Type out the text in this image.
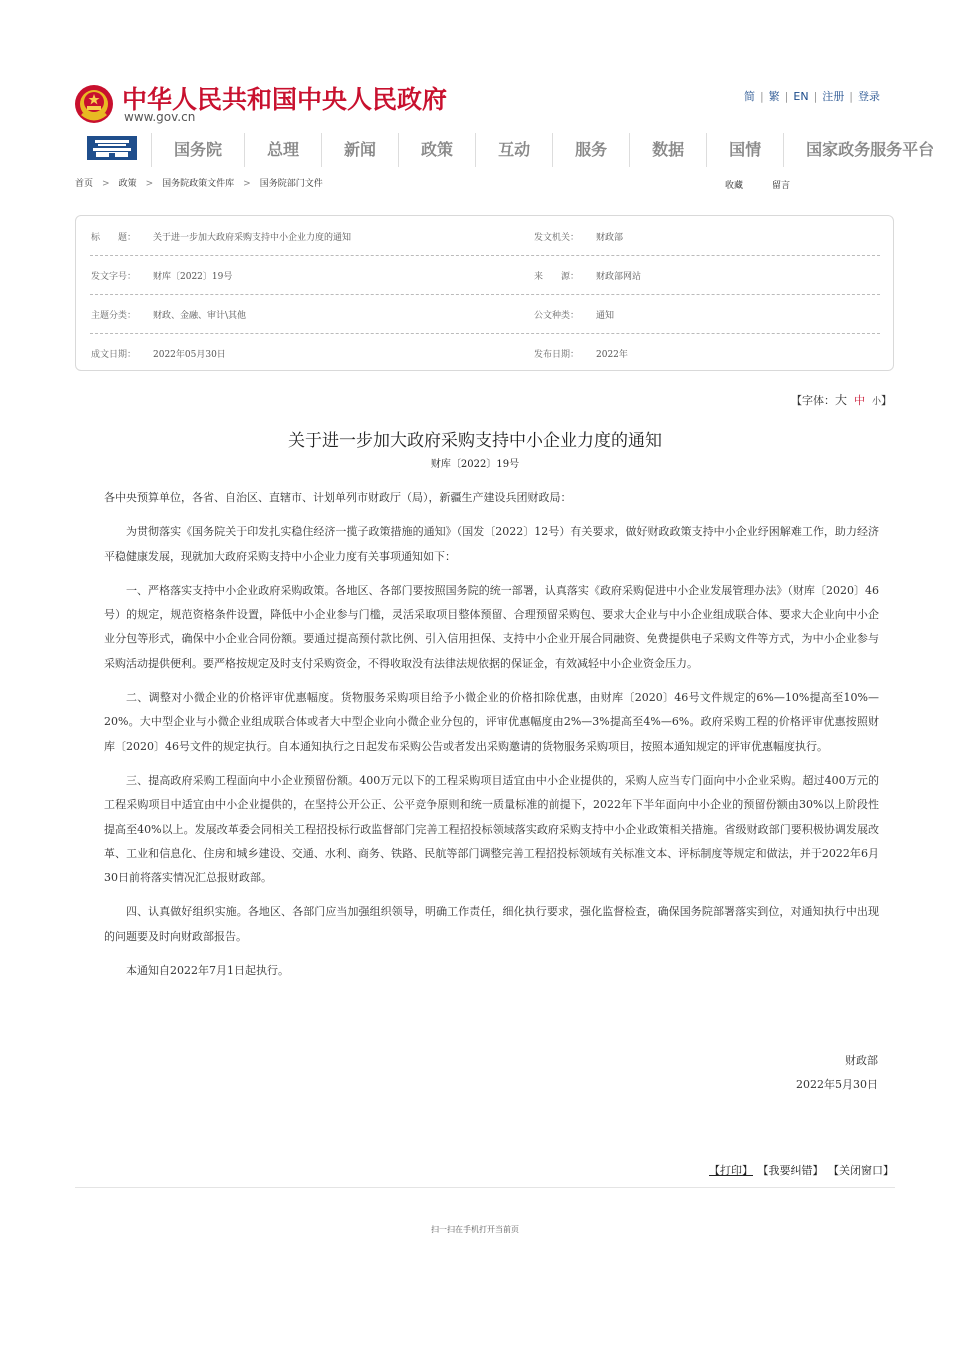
中华人民共和国中央人民政府
www.gov.cn
简 | 繁 | EN | 注册 | 登录
国务院	总理	新闻	政策	互动	服务	数据	国情	国家政务服务平台
首页 > 政策 > 国务院政策文件库 > 国务院部门文件	收藏	留言
标　　题： 关于进一步加大政府采购支持中小企业力度的通知	发文机关： 财政部
发文字号： 财库〔2022〕19号	来　　源： 财政部网站
主题分类： 财政、金融、审计\其他	公文种类： 通知
成文日期： 2022年05月30日	发布日期： 2022年
【字体：大 中 小】
关于进一步加大政府采购支持中小企业力度的通知
财库〔2022〕19号

各中央预算单位，各省、自治区、直辖市、计划单列市财政厅（局），新疆生产建设兵团财政局：

为贯彻落实《国务院关于印发扎实稳住经济一揽子政策措施的通知》（国发〔2022〕12号）有关要求，做好财政政策支持中小企业纾困解难工作，助力经济平稳健康发展，现就加大政府采购支持中小企业力度有关事项通知如下：

一、严格落实支持中小企业政府采购政策。各地区、各部门要按照国务院的统一部署，认真落实《政府采购促进中小企业发展管理办法》（财库〔2020〕46号）的规定，规范资格条件设置，降低中小企业参与门槛，灵活采取项目整体预留、合理预留采购包、要求大企业与中小企业组成联合体、要求大企业向中小企业分包等形式，确保中小企业合同份额。要通过提高预付款比例、引入信用担保、支持中小企业开展合同融资、免费提供电子采购文件等方式，为中小企业参与采购活动提供便利。要严格按规定及时支付采购资金，不得收取没有法律法规依据的保证金，有效减轻中小企业资金压力。

二、调整对小微企业的价格评审优惠幅度。货物服务采购项目给予小微企业的价格扣除优惠，由财库〔2020〕46号文件规定的6%—10%提高至10%—20%。大中型企业与小微企业组成联合体或者大中型企业向小微企业分包的，评审优惠幅度由2%—3%提高至4%—6%。政府采购工程的价格评审优惠按照财库〔2020〕46号文件的规定执行。自本通知执行之日起发布采购公告或者发出采购邀请的货物服务采购项目，按照本通知规定的评审优惠幅度执行。

三、提高政府采购工程面向中小企业预留份额。400万元以下的工程采购项目适宜由中小企业提供的，采购人应当专门面向中小企业采购。超过400万元的工程采购项目中适宜由中小企业提供的，在坚持公开公正、公平竞争原则和统一质量标准的前提下，2022年下半年面向中小企业的预留份额由30%以上阶段性提高至40%以上。发展改革委会同相关工程招投标行政监督部门完善工程招投标领域落实政府采购支持中小企业政策相关措施。省级财政部门要积极协调发展改革、工业和信息化、住房和城乡建设、交通、水利、商务、铁路、民航等部门调整完善工程招投标领域有关标准文本、评标制度等规定和做法，并于2022年6月30日前将落实情况汇总报财政部。

四、认真做好组织实施。各地区、各部门应当加强组织领导，明确工作责任，细化执行要求，强化监督检查，确保国务院部署落实到位，对通知执行中出现的问题要及时向财政部报告。

本通知自2022年7月1日起执行。

财政部
2022年5月30日
【打印】 【我要纠错】 【关闭窗口】
扫一扫在手机打开当前页
